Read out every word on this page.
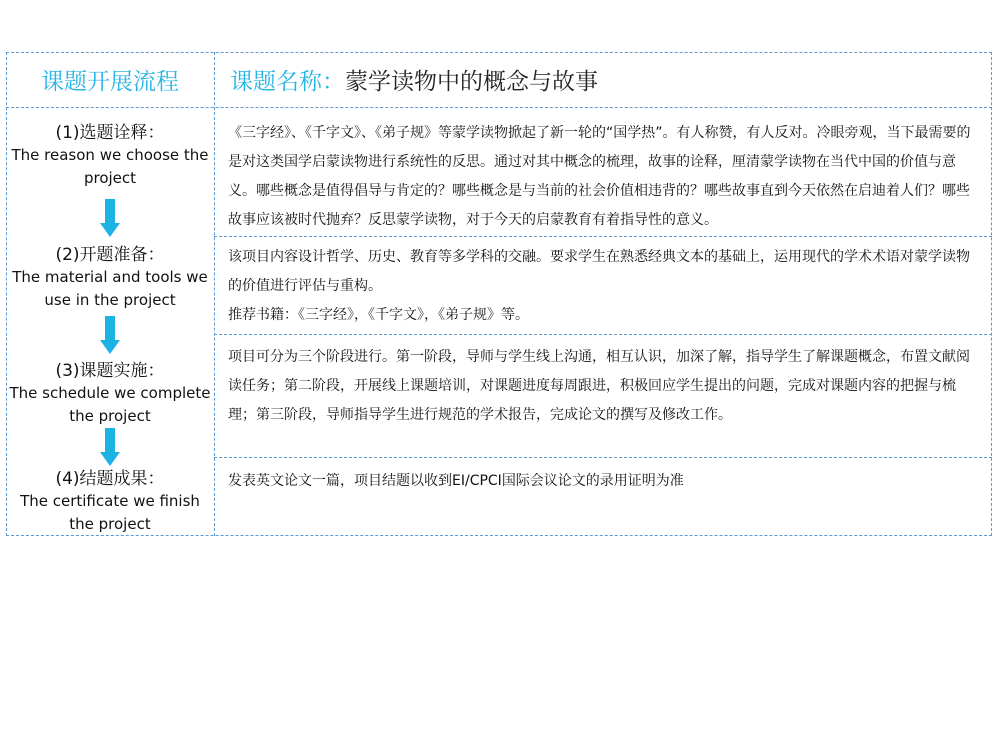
课题开展流程	课题名称： 蒙学读物中的概念与故事
(1)选题诠释：
The reason we choose the project
(2)开题准备：
The material and tools we use in the project
(3)课题实施：
The schedule we complete the project
(4)结题成果：
The certificate we finish the project

《三字经》、《千字文》、《弟子规》等蒙学读物掀起了新一轮的“国学热”。有人称赞，有人反对。冷眼旁观，当下最需要的是对这类国学启蒙读物进行系统性的反思。通过对其中概念的梳理，故事的诠释，厘清蒙学读物在当代中国的价值与意义。哪些概念是值得倡导与肯定的？哪些概念是与当前的社会价值相违背的？哪些故事直到今天依然在启迪着人们？哪些故事应该被时代抛弃？反思蒙学读物，对于今天的启蒙教育有着指导性的意义。

该项目内容设计哲学、历史、教育等多学科的交融。要求学生在熟悉经典文本的基础上，运用现代的学术术语对蒙学读物的价值进行评估与重构。

推荐书籍：《三字经》，《千字文》，《弟子规》等。

项目可分为三个阶段进行。第一阶段，导师与学生线上沟通，相互认识，加深了解，指导学生了解课题概念，布置文献阅读任务；第二阶段，开展线上课题培训，对课题进度每周跟进，积极回应学生提出的问题，完成对课题内容的把握与梳理；第三阶段，导师指导学生进行规范的学术报告，完成论文的撰写及修改工作。

发表英文论文一篇，项目结题以收到EI/CPCI国际会议论文的录用证明为准
